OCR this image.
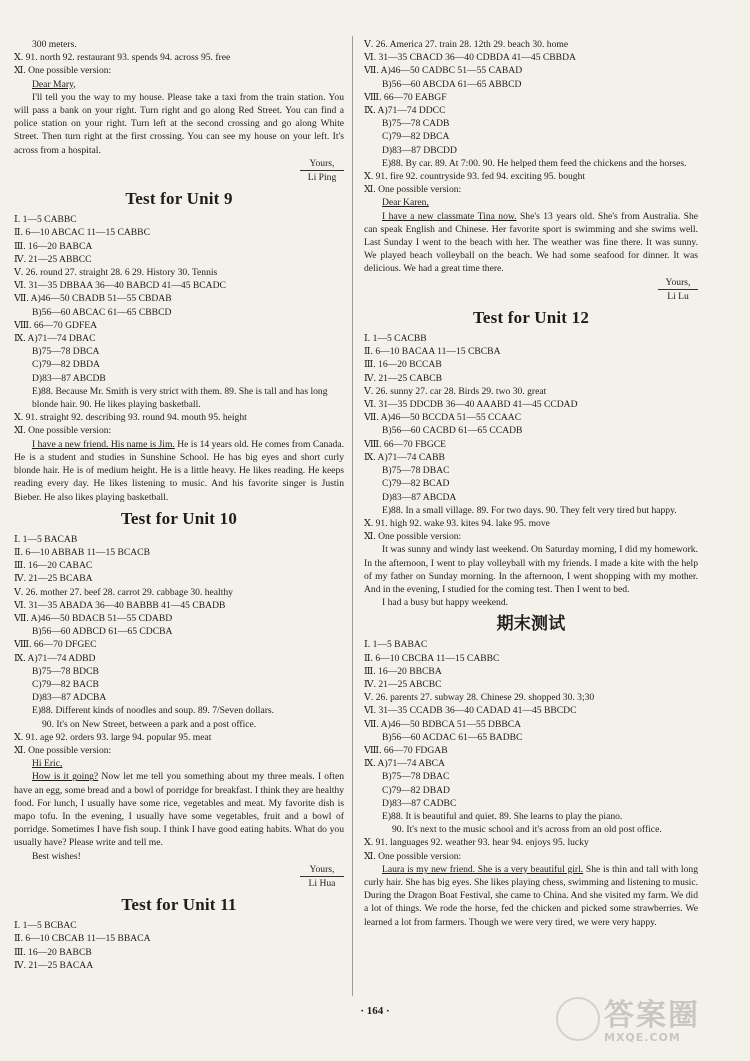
300 meters.
Ⅹ. 91. north 92. restaurant 93. spends 94. across 95. free
Ⅺ. One possible version:
Dear Mary,
I'll tell you the way to my house. Please take a taxi from the train station. You will pass a bank on your right. Turn right and go along Red Street. You can find a police station on your right. Turn left at the second crossing and go along White Street. Then turn right at the first crossing. You can see my house on your left. It's across from a hospital.
Yours,
Li Ping
Test for Unit 9
Ⅰ. 1—5 CABBC
Ⅱ. 6—10 ABCAC 11—15 CABBC
Ⅲ. 16—20 BABCA
Ⅳ. 21—25 ABBCC
Ⅴ. 26. round 27. straight 28. 6 29. History 30. Tennis
Ⅵ. 31—35 DBBAA 36—40 BABCD 41—45 BCADC
Ⅶ. A)46—50 CBADB 51—55 CBDAB
B)56—60 ABCAC 61—65 CBBCD
Ⅷ. 66—70 GDFEA
Ⅸ. A)71—74 DBAC
B)75—78 DBCA
C)79—82 DBDA
D)83—87 ABCDB
E)88. Because Mr. Smith is very strict with them. 89. She is tall and has long blonde hair. 90. He likes playing basketball.
Ⅹ. 91. straight 92. describing 93. round 94. mouth 95. height
Ⅺ. One possible version:
I have a new friend. His name is Jim. He is 14 years old. He comes from Canada. He is a student and studies in Sunshine School. He has big eyes and short curly blonde hair. He is of medium height. He is a little heavy. He likes reading. He keeps reading every day. He likes listening to music. And his favorite singer is Justin Bieber. He also likes playing basketball.
Test for Unit 10
Ⅰ. 1—5 BACAB
Ⅱ. 6—10 ABBAB 11—15 BCACB
Ⅲ. 16—20 CABAC
Ⅳ. 21—25 BCABA
Ⅴ. 26. mother 27. beef 28. carrot 29. cabbage 30. healthy
Ⅵ. 31—35 ABADA 36—40 BABBB 41—45 CBADB
Ⅶ. A)46—50 BDACB 51—55 CDABD
B)56—60 ADBCD 61—65 CDCBA
Ⅷ. 66—70 DFGEC
Ⅸ. A)71—74 ADBD
B)75—78 BDCB
C)79—82 BACB
D)83—87 ADCBA
E)88. Different kinds of noodles and soup. 89. 7/Seven dollars.
90. It's on New Street, between a park and a post office.
Ⅹ. 91. age 92. orders 93. large 94. popular 95. meat
Ⅺ. One possible version:
Hi Eric,
How is it going? Now let me tell you something about my three meals. I often have an egg, some bread and a bowl of porridge for breakfast. I think they are healthy food. For lunch, I usually have some rice, vegetables and meat. My favorite dish is mapo tofu. In the evening, I usually have some vegetables, fruit and a bowl of porridge. Sometimes I have fish soup. I think I have good eating habits. What do you usually have? Please write and tell me.
Best wishes!
Yours,
Li Hua
Test for Unit 11
Ⅰ. 1—5 BCBAC
Ⅱ. 6—10 CBCAB 11—15 BBACA
Ⅲ. 16—20 BABCB
Ⅳ. 21—25 BACAA
Ⅴ. 26. America 27. train 28. 12th 29. beach 30. home
Ⅵ. 31—35 CBACD 36—40 CDBDA 41—45 CBBDA
Ⅶ. A)46—50 CADBC 51—55 CABAD
B)56—60 ABCDA 61—65 ABBCD
Ⅷ. 66—70 EABGF
Ⅸ. A)71—74 DDCC
B)75—78 CADB
C)79—82 DBCA
D)83—87 DBCDD
E)88. By car. 89. At 7:00. 90. He helped them feed the chickens and the horses.
Ⅹ. 91. fire 92. countryside 93. fed 94. exciting 95. bought
Ⅺ. One possible version:
Dear Karen,
I have a new classmate Tina now. She's 13 years old. She's from Australia. She can speak English and Chinese. Her favorite sport is swimming and she swims well. Last Sunday I went to the beach with her. The weather was fine there. It was sunny. We played beach volleyball on the beach. We had some seafood for dinner. It was delicious. We had a great time there.
Yours,
Li Lu
Test for Unit 12
Ⅰ. 1—5 CACBB
Ⅱ. 6—10 BACAA 11—15 CBCBA
Ⅲ. 16—20 BCCAB
Ⅳ. 21—25 CABCB
Ⅴ. 26. sunny 27. car 28. Birds 29. two 30. great
Ⅵ. 31—35 DDCDB 36—40 AAABD 41—45 CCDAD
Ⅶ. A)46—50 BCCDA 51—55 CCAAC
B)56—60 CACBD 61—65 CCADB
Ⅷ. 66—70 FBGCE
Ⅸ. A)71—74 CABB
B)75—78 DBAC
C)79—82 BCAD
D)83—87 ABCDA
E)88. In a small village. 89. For two days. 90. They felt very tired but happy.
Ⅹ. 91. high 92. wake 93. kites 94. lake 95. move
Ⅺ. One possible version:
It was sunny and windy last weekend. On Saturday morning, I did my homework. In the afternoon, I went to play volleyball with my friends. I made a kite with the help of my father on Sunday morning. In the afternoon, I went shopping with my mother. And in the evening, I studied for the coming test. Then I went to bed.
I had a busy but happy weekend.
期末测试
Ⅰ. 1—5 BABAC
Ⅱ. 6—10 CBCBA 11—15 CABBC
Ⅲ. 16—20 BBCBA
Ⅳ. 21—25 ABCBC
Ⅴ. 26. parents 27. subway 28. Chinese 29. shopped 30. 3;30
Ⅵ. 31—35 CCADB 36—40 CADAD 41—45 BBCDC
Ⅶ. A)46—50 BDBCA 51—55 DBBCA
B)56—60 ACDAC 61—65 BADBC
Ⅷ. 66—70 FDGAB
Ⅸ. A)71—74 ABCA
B)75—78 DBAC
C)79—82 DBAD
D)83—87 CADBC
E)88. It is beautiful and quiet. 89. She learns to play the piano.
90. It's next to the music school and it's across from an old post office.
Ⅹ. 91. languages 92. weather 93. hear 94. enjoys 95. lucky
Ⅺ. One possible version:
Laura is my new friend. She is a very beautiful girl. She is thin and tall with long curly hair. She has big eyes. She likes playing chess, swimming and listening to music. During the Dragon Boat Festival, she came to China. And she visited my farm. We did a lot of things. We rode the horse, fed the chicken and picked some strawberries. We learned a lot from farmers. Though we were very tired, we were very happy.
· 164 ·	答案圈
MXQE.COM
